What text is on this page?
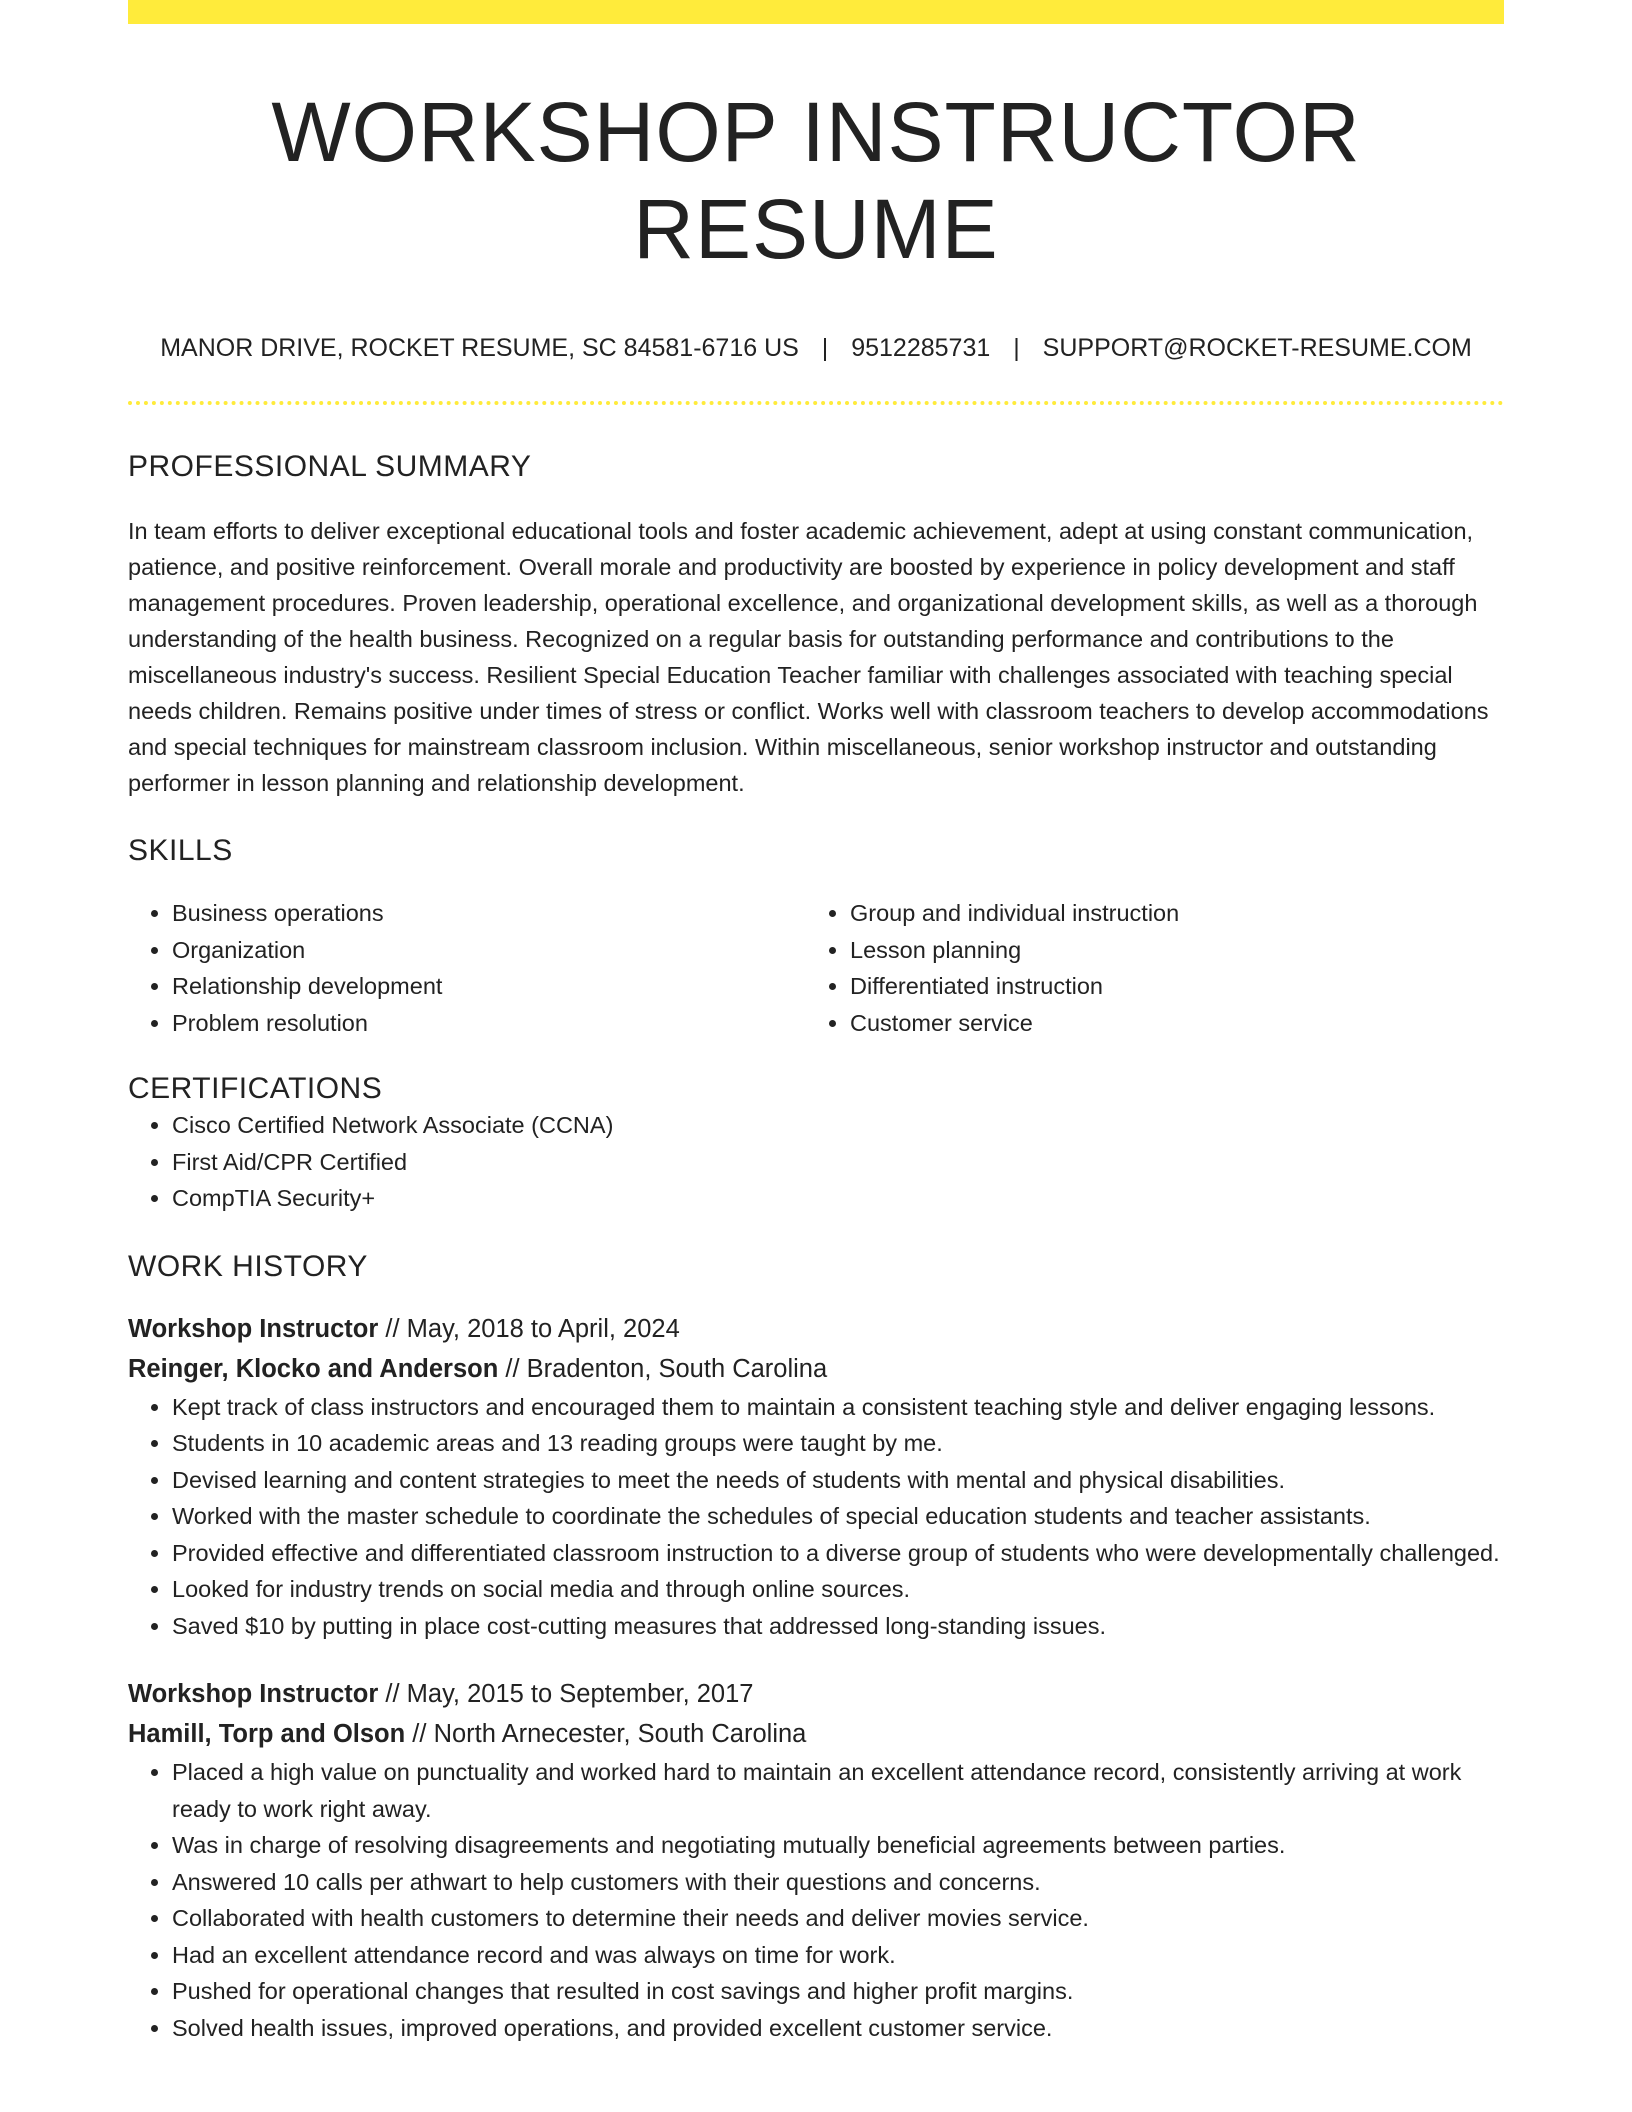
WORKSHOP INSTRUCTOR RESUME
MANOR DRIVE, ROCKET RESUME, SC 84581-6716 US | 9512285731 | SUPPORT@ROCKET-RESUME.COM
PROFESSIONAL SUMMARY

In team efforts to deliver exceptional educational tools and foster academic achievement, adept at using constant communication, patience, and positive reinforcement. Overall morale and productivity are boosted by experience in policy development and staff management procedures. Proven leadership, operational excellence, and organizational development skills, as well as a thorough understanding of the health business. Recognized on a regular basis for outstanding performance and contributions to the miscellaneous industry's success. Resilient Special Education Teacher familiar with challenges associated with teaching special needs children. Remains positive under times of stress or conflict. Works well with classroom teachers to develop accommodations and special techniques for mainstream classroom inclusion. Within miscellaneous, senior workshop instructor and outstanding performer in lesson planning and relationship development.

SKILLS
• Business operations
• Organization
• Relationship development
• Problem resolution
• Group and individual instruction
• Lesson planning
• Differentiated instruction
• Customer service
CERTIFICATIONS
• Cisco Certified Network Associate (CCNA)
• First Aid/CPR Certified
• CompTIA Security+
WORK HISTORY
Workshop Instructor // May, 2018 to April, 2024
Reinger, Klocko and Anderson // Bradenton, South Carolina
• Kept track of class instructors and encouraged them to maintain a consistent teaching style and deliver engaging lessons.
• Students in 10 academic areas and 13 reading groups were taught by me.
• Devised learning and content strategies to meet the needs of students with mental and physical disabilities.
• Worked with the master schedule to coordinate the schedules of special education students and teacher assistants.
• Provided effective and differentiated classroom instruction to a diverse group of students who were developmentally challenged.
• Looked for industry trends on social media and through online sources.
• Saved $10 by putting in place cost-cutting measures that addressed long-standing issues.
Workshop Instructor // May, 2015 to September, 2017
Hamill, Torp and Olson // North Arnecester, South Carolina
• Placed a high value on punctuality and worked hard to maintain an excellent attendance record, consistently arriving at work ready to work right away.
• Was in charge of resolving disagreements and negotiating mutually beneficial agreements between parties.
• Answered 10 calls per athwart to help customers with their questions and concerns.
• Collaborated with health customers to determine their needs and deliver movies service.
• Had an excellent attendance record and was always on time for work.
• Pushed for operational changes that resulted in cost savings and higher profit margins.
• Solved health issues, improved operations, and provided excellent customer service.
